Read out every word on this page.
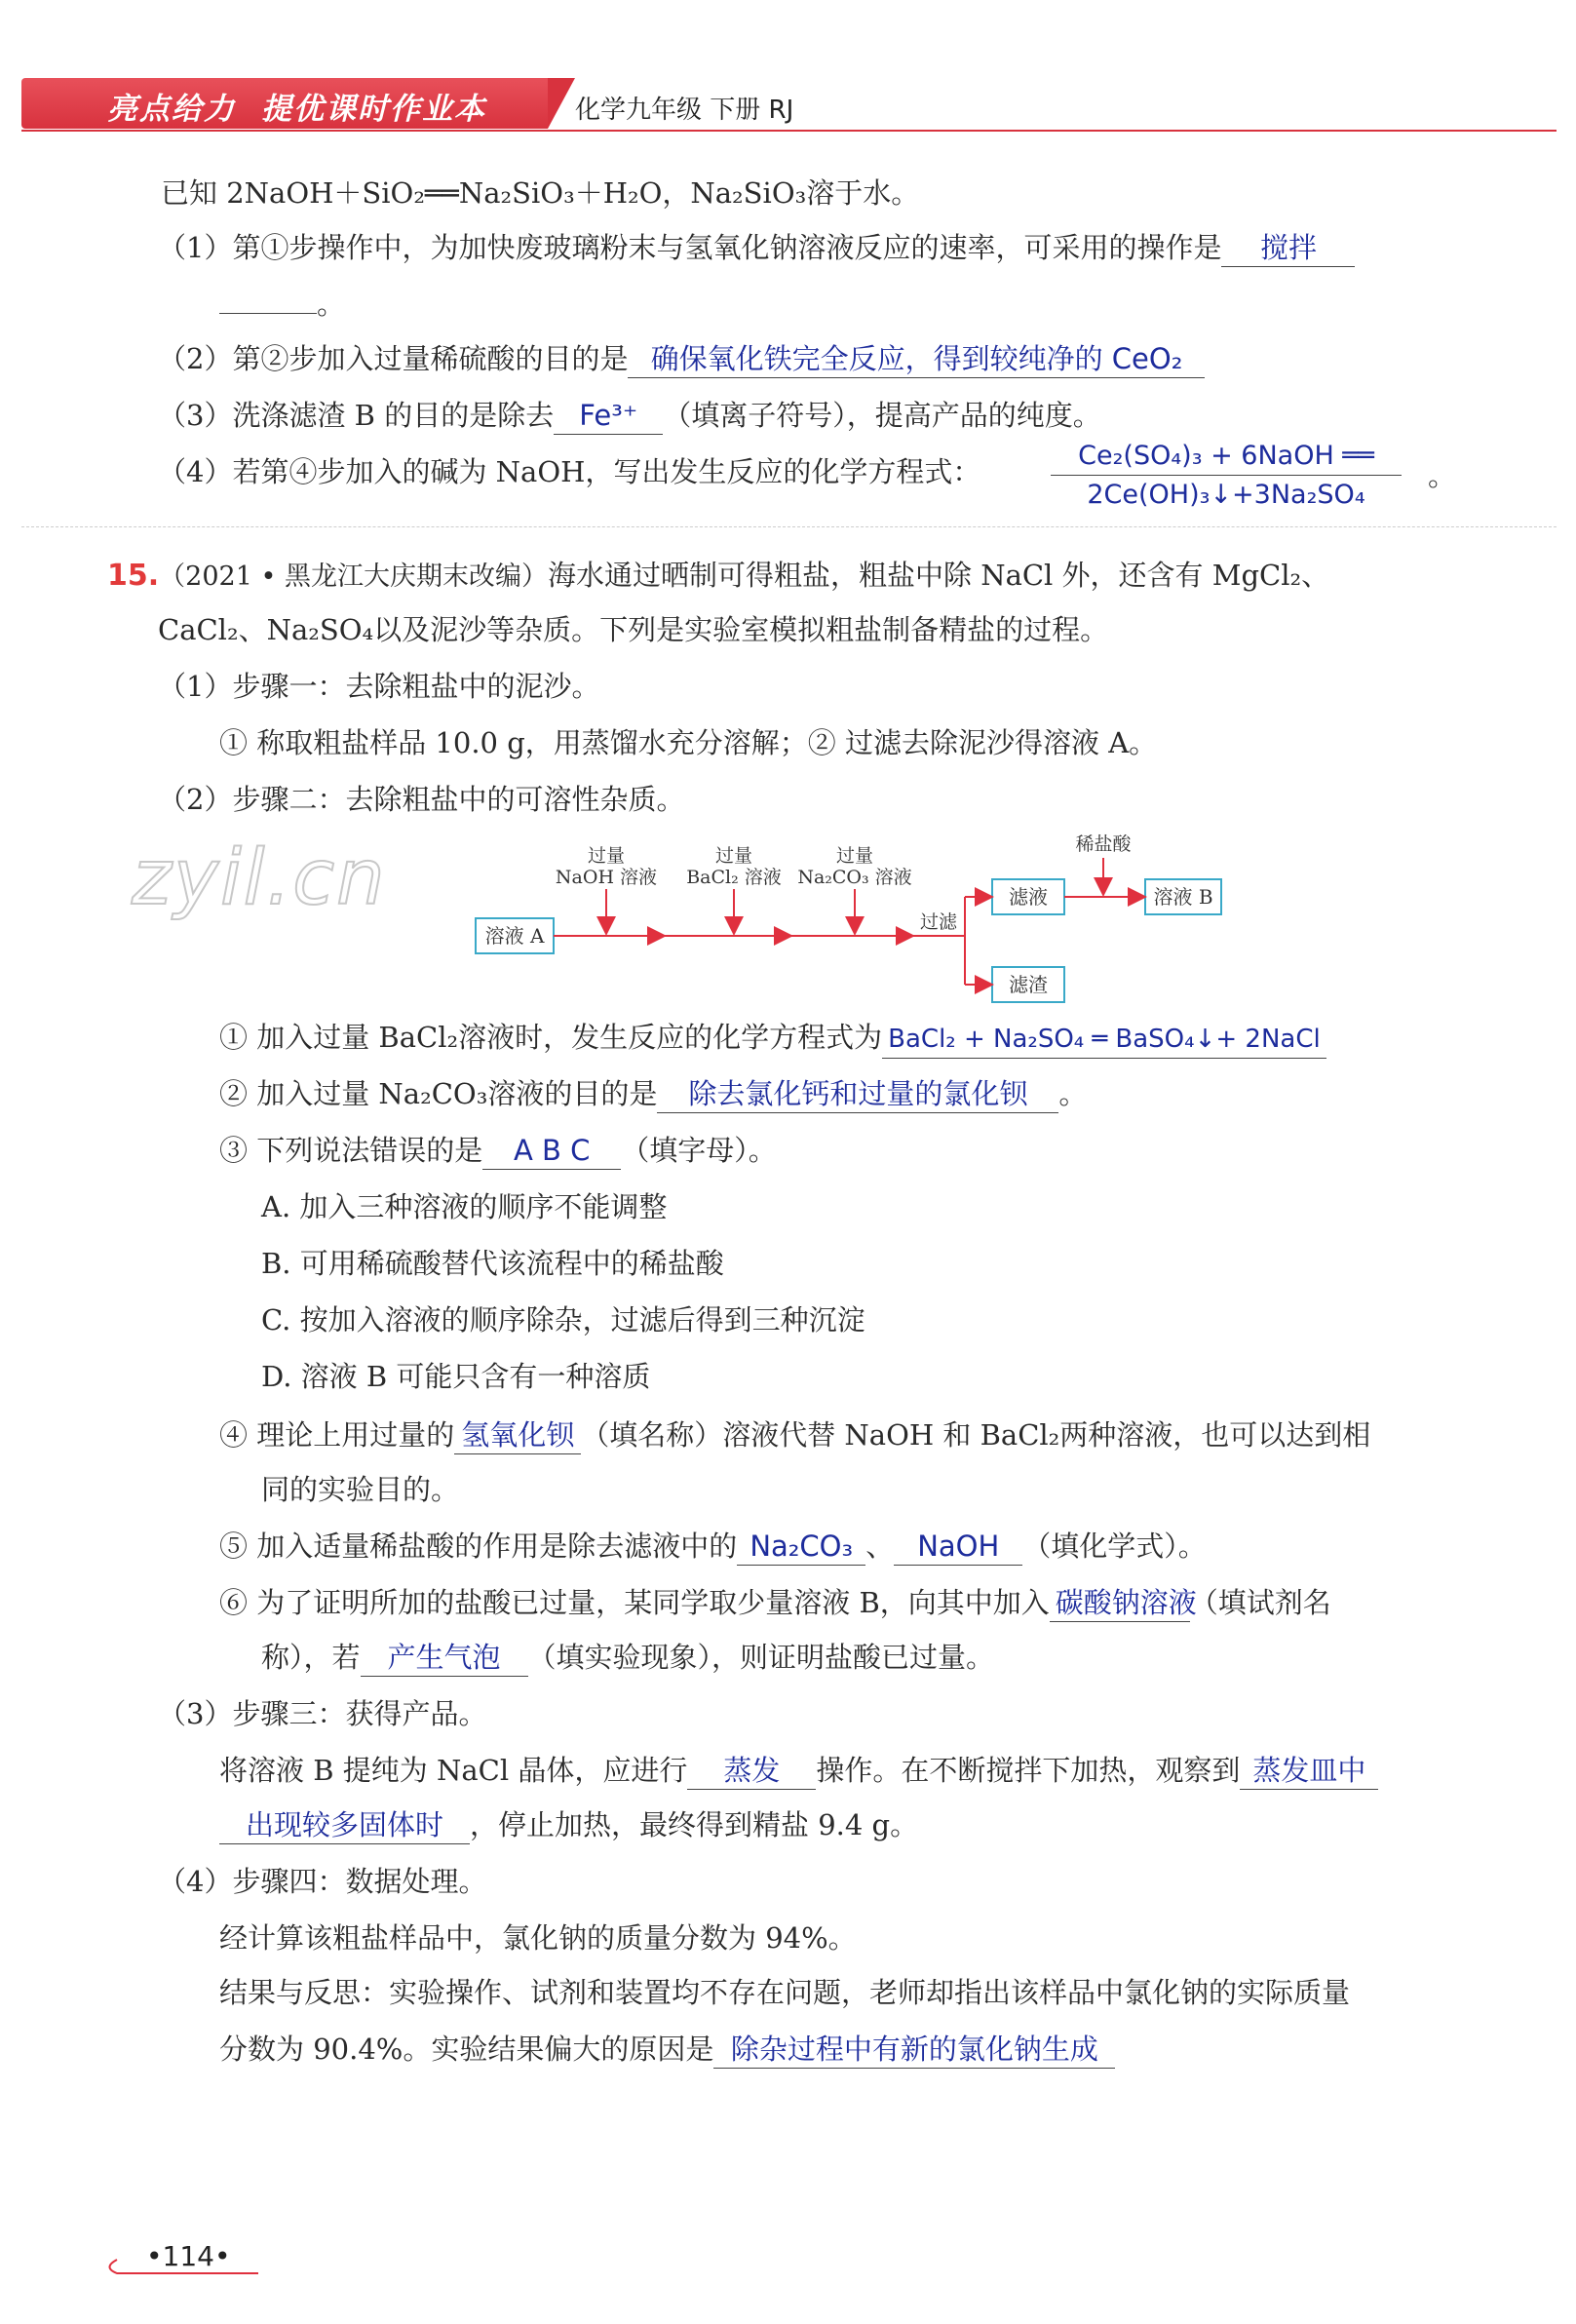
亮点给力 提优课时作业本	化学九年级 下册 RJ
已知 2NaOH＋SiO₂══Na₂SiO₃＋H₂O，Na₂SiO₃溶于水。
（1）第①步操作中，为加快废玻璃粉末与氢氧化钠溶液反应的速率，可采用的操作是 搅拌
。
（2）第②步加入过量稀硫酸的目的是 确保氧化铁完全反应，得到较纯净的 CeO₂
（3）洗涤滤渣 B 的目的是除去 Fe³⁺ （填离子符号），提高产品的纯度。
（4）若第④步加入的碱为 NaOH，写出发生反应的化学方程式：	Ce₂(SO₄)₃ + 6NaOH ══
2Ce(OH)₃↓+3Na₂SO₄
。
15.（2021 • 黑龙江大庆期末改编）海水通过晒制可得粗盐，粗盐中除 NaCl 外，还含有 MgCl₂、
CaCl₂、Na₂SO₄以及泥沙等杂质。下列是实验室模拟粗盐制备精盐的过程。
（1）步骤一：去除粗盐中的泥沙。
① 称取粗盐样品 10.0 g，用蒸馏水充分溶解；② 过滤去除泥沙得溶液 A。
（2）步骤二：去除粗盐中的可溶性杂质。
zyil.cn
溶液 A
滤液
滤渣
溶液 B
过量
NaOH 溶液
过量
BaCl₂ 溶液
过量
Na₂CO₃ 溶液
过滤
稀盐酸
① 加入过量 BaCl₂溶液时，发生反应的化学方程式为 BaCl₂ + Na₂SO₄ ═ BaSO₄↓+ 2NaCl
② 加入过量 Na₂CO₃溶液的目的是 除去氯化钙和过量的氯化钡 。
③ 下列说法错误的是 A B C （填字母）。
A. 加入三种溶液的顺序不能调整
B. 可用稀硫酸替代该流程中的稀盐酸
C. 按加入溶液的顺序除杂，过滤后得到三种沉淀
D. 溶液 B 可能只含有一种溶质
④ 理论上用过量的 氢氧化钡 （填名称）溶液代替 NaOH 和 BaCl₂两种溶液，也可以达到相
同的实验目的。
⑤ 加入适量稀盐酸的作用是除去滤液中的 Na₂CO₃ 、 NaOH （填化学式）。
⑥ 为了证明所加的盐酸已过量，某同学取少量溶液 B，向其中加入 碳酸钠溶液（填试剂名
称），若 产生气泡 （填实验现象），则证明盐酸已过量。
（3）步骤三：获得产品。
将溶液 B 提纯为 NaCl 晶体，应进行 蒸发 操作。在不断搅拌下加热，观察到 蒸发皿中
出现较多固体时 ，停止加热，最终得到精盐 9.4 g。
（4）步骤四：数据处理。
经计算该粗盐样品中，氯化钠的质量分数为 94%。
结果与反思：实验操作、试剂和装置均不存在问题，老师却指出该样品中氯化钠的实际质量
分数为 90.4%。实验结果偏大的原因是 除杂过程中有新的氯化钠生成
•114•
